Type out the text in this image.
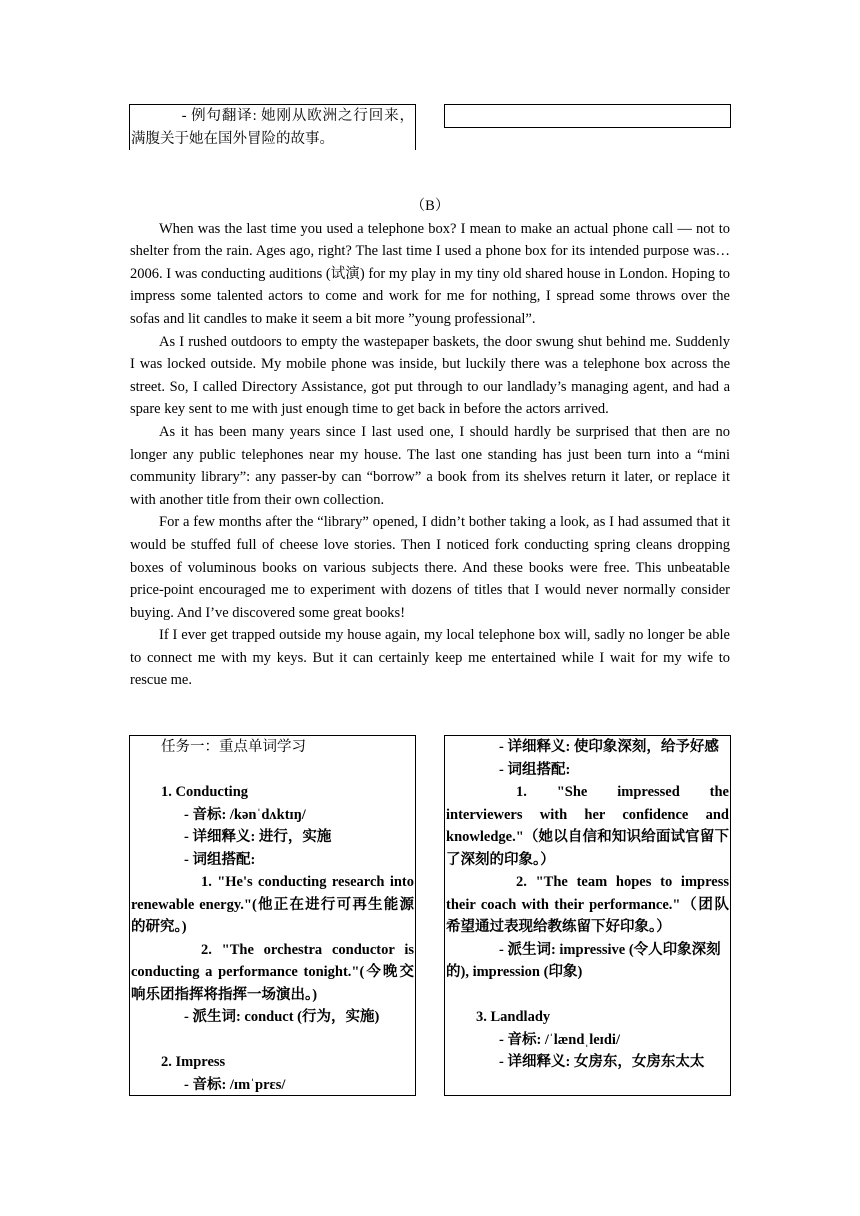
- 例句翻译: 她刚从欧洲之行回来，满腹关于她在国外冒险的故事。

（B）

When was the last time you used a telephone box? I mean to make an actual phone call — not to shelter from the rain. Ages ago, right? The last time I used a phone box for its intended purpose was…2006. I was conducting auditions (试演) for my play in my tiny old shared house in London. Hoping to impress some talented actors to come and work for me for nothing, I spread some throws over the sofas and lit candles to make it seem a bit more ”young professional”.

As I rushed outdoors to empty the wastepaper baskets, the door swung shut behind me. Suddenly I was locked outside. My mobile phone was inside, but luckily there was a telephone box across the street. So, I called Directory Assistance, got put through to our landlady’s managing agent, and had a spare key sent to me with just enough time to get back in before the actors arrived.

As it has been many years since I last used one, I should hardly be surprised that then are no longer any public telephones near my house. The last one standing has just been turn into a “mini community library”: any passer-by can “borrow” a book from its shelves return it later, or replace it with another title from their own collection.

For a few months after the “library” opened, I didn’t bother taking a look, as I had assumed that it would be stuffed full of cheese love stories. Then I noticed fork conducting spring cleans dropping boxes of voluminous books on various subjects there. And these books were free. This unbeatable price-point encouraged me to experiment with dozens of titles that I would never normally consider buying. And I’ve discovered some great books!

If I ever get trapped outside my house again, my local telephone box will, sadly no longer be able to connect me with my keys. But it can certainly keep me entertained while I wait for my wife to rescue me.

任务一：重点单词学习

1. Conducting

- 音标: /kənˈdʌktɪŋ/

- 详细释义: 进行，实施

- 词组搭配:

1. "He's conducting research into renewable energy."(他正在进行可再生能源的研究。)

2. "The orchestra conductor is conducting a performance tonight."(今晚交响乐团指挥将指挥一场演出。)

- 派生词: conduct (行为，实施)

2. Impress

- 音标: /ɪmˈprɛs/

- 详细释义: 使印象深刻，给予好感

- 词组搭配:

1. "She impressed the interviewers with her confidence and knowledge."（她以自信和知识给面试官留下了深刻的印象。）

2. "The team hopes to impress their coach with their performance."（团队希望通过表现给教练留下好印象。）

- 派生词: impressive (令人印象深刻的), impression (印象)

3. Landlady

- 音标: /ˈlændˌleɪdi/

- 详细释义: 女房东，女房东太太
